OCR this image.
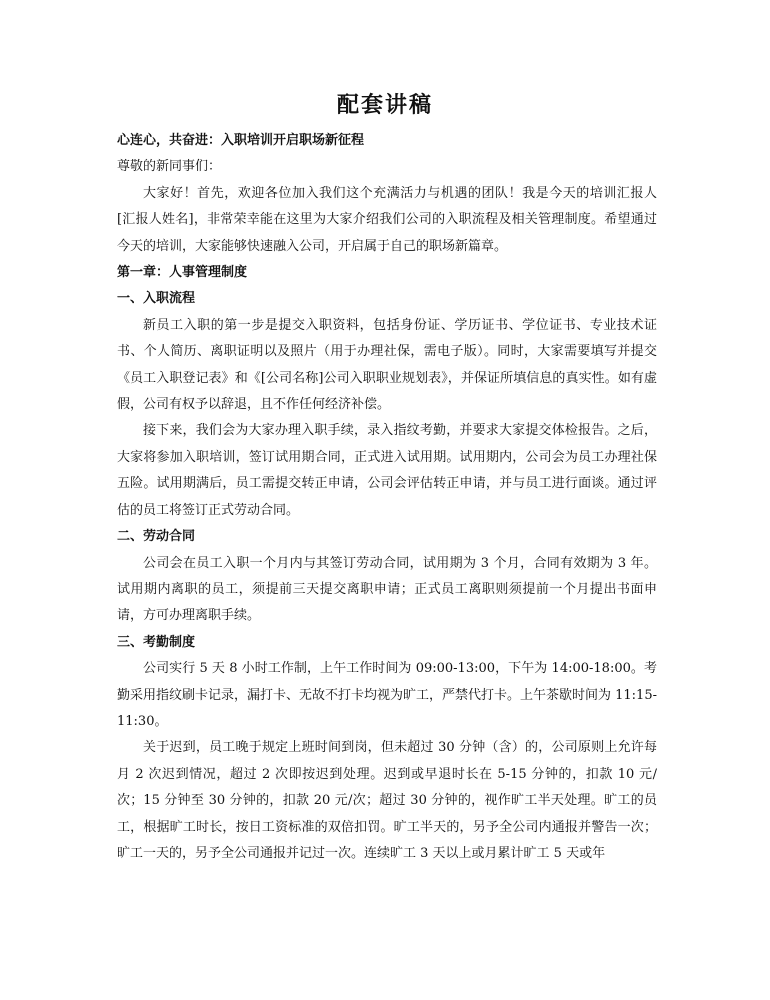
配套讲稿

心连心，共奋进：入职培训开启职场新征程

尊敬的新同事们：

大家好！首先，欢迎各位加入我们这个充满活力与机遇的团队！我是今天的培训汇报人 [汇报人姓名]，非常荣幸能在这里为大家介绍我们公司的入职流程及相关管理制度。希望通过今天的培训，大家能够快速融入公司，开启属于自己的职场新篇章。

第一章：人事管理制度

一、入职流程

新员工入职的第一步是提交入职资料，包括身份证、学历证书、学位证书、专业技术证书、个人简历、离职证明以及照片（用于办理社保，需电子版）。同时，大家需要填写并提交《员工入职登记表》和《[公司名称]公司入职职业规划表》，并保证所填信息的真实性。如有虚假，公司有权予以辞退，且不作任何经济补偿。

接下来，我们会为大家办理入职手续，录入指纹考勤，并要求大家提交体检报告。之后，大家将参加入职培训，签订试用期合同，正式进入试用期。试用期内，公司会为员工办理社保五险。试用期满后，员工需提交转正申请，公司会评估转正申请，并与员工进行面谈。通过评估的员工将签订正式劳动合同。

二、劳动合同

公司会在员工入职一个月内与其签订劳动合同，试用期为 3 个月，合同有效期为 3 年。试用期内离职的员工，须提前三天提交离职申请；正式员工离职则须提前一个月提出书面申请，方可办理离职手续。

三、考勤制度

公司实行 5 天 8 小时工作制，上午工作时间为 09:00-13:00，下午为 14:00-18:00。考勤采用指纹刷卡记录，漏打卡、无故不打卡均视为旷工，严禁代打卡。上午茶歇时间为 11:15-11:30。

关于迟到，员工晚于规定上班时间到岗，但未超过 30 分钟（含）的，公司原则上允许每月 2 次迟到情况，超过 2 次即按迟到处理。迟到或早退时长在 5-15 分钟的，扣款 10 元/次；15 分钟至 30 分钟的，扣款 20 元/次；超过 30 分钟的，视作旷工半天处理。旷工的员工，根据旷工时长，按日工资标准的双倍扣罚。旷工半天的，另予全公司内通报并警告一次；旷工一天的，另予全公司通报并记过一次。连续旷工 3 天以上或月累计旷工 5 天或年
